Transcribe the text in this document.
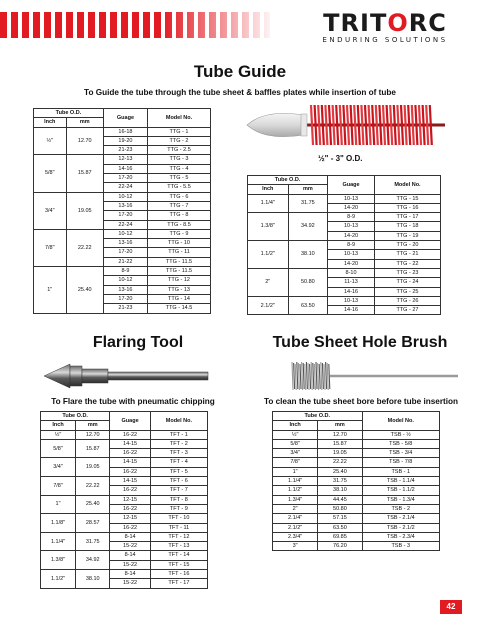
TRITORC
ENDURING SOLUTIONS
Tube Guide
To Guide the tube through the tube sheet & baffles plates while insertion of tube
Tube O.D.		Guage	Model No.
Inch	mm		
½"	12.70	16-18	TTG - 1
		19-20	TTG - 2
		21-23	TTG - 2.5
5/8"	15.87	12-13	TTG - 3
		14-16	TTG - 4
		17-20	TTG - 5
		22-24	TTG - 5.5
3/4"	19.05	10-12	TTG - 6
		13-16	TTG - 7
		17-20	TTG - 8
		22-24	TTG - 8.5
7/8"	22.22	10-12	TTG - 9
		13-16	TTG - 10
		17-20	TTG - 11
		21-22	TTG - 11.5
1"	25.40	8-9	TTG - 11.5
		10-12	TTG - 12
		13-16	TTG - 13
		17-20	TTG - 14
		21-23	TTG - 14.5
½" - 3" O.D.
Tube O.D.		Guage	Model No.
Inch	mm		
1.1/4"	31.75	10-13	TTG - 15
		14-20	TTG - 16
1.3/8"	34.92	8-9	TTG - 17
		10-13	TTG - 18
		14-20	TTG - 19
1.1/2"	38.10	8-9	TTG - 20
		10-13	TTG - 21
		14-20	TTG - 22
2"	50.80	8-10	TTG - 23
		11-13	TTG - 24
		14-16	TTG - 25
2.1/2"	63.50	10-13	TTG - 26
		14-16	TTG - 27
Flaring Tool
To Flare the tube with pneumatic chipping
Tube O.D.		Guage	Model No.
Inch	mm		
½"	12.70	16-22	TFT - 1
5/8"	15.87	14-15	TFT - 2
		16-22	TFT - 3
3/4"	19.05	14-15	TFT - 4
		16-22	TFT - 5
7/8"	22.22	14-15	TFT - 6
		16-22	TFT - 7
1"	25.40	12-15	TFT - 8
		16-22	TFT - 9
1.1/8"	28.57	12-15	TFT - 10
		16-22	TFT - 11
1.1/4"	31.75	8-14	TFT - 12
		15-22	TFT - 13
1.3/8"	34.92	8-14	TFT - 14
		15-22	TFT - 15
1.1/2"	38.10	8-14	TFT - 16
		15-22	TFT - 17
Tube Sheet Hole Brush
To clean the tube sheet bore before tube insertion
Tube O.D.		Model No.
Inch	mm	
½"	12.70	TSB - ½
5/8"	15.87	TSB - 5/8
3/4"	19.05	TSB - 3/4
7/8"	22.22	TSB - 7/8
1"	25.40	TSB - 1
1.1/4"	31.75	TSB - 1.1/4
1.1/2"	38.10	TSB - 1.1/2
1.3/4"	44.45	TSB - 1.3/4
2"	50.80	TSB - 2
2.1/4"	57.15	TSB - 2.1/4
2.1/2"	63.50	TSB - 2.1/2
2.3/4"	69.85	TSB - 2.3/4
3"	76.20	TSB - 3
42
